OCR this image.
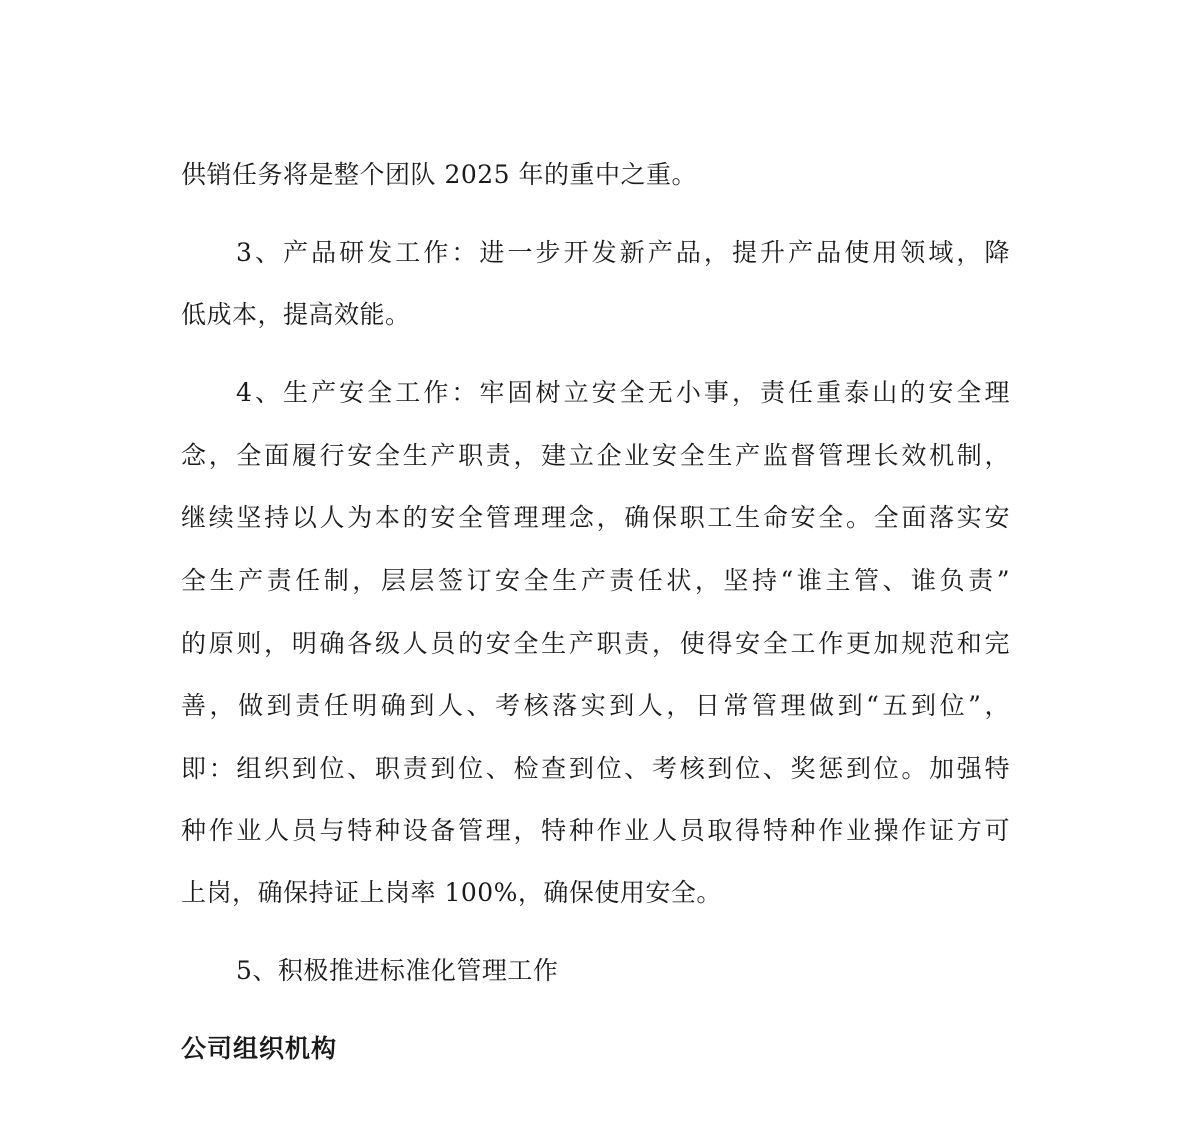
供销任务将是整个团队 2025 年的重中之重。
3、产品研发工作：进一步开发新产品，提升产品使用领域，降
低成本，提高效能。
4、生产安全工作：牢固树立安全无小事，责任重泰山的安全理
念，全面履行安全生产职责，建立企业安全生产监督管理长效机制，
继续坚持以人为本的安全管理理念，确保职工生命安全。全面落实安
全生产责任制，层层签订安全生产责任状，坚持“谁主管、谁负责”
的原则，明确各级人员的安全生产职责，使得安全工作更加规范和完
善，做到责任明确到人、考核落实到人，日常管理做到“五到位”，
即：组织到位、职责到位、检查到位、考核到位、奖惩到位。加强特
种作业人员与特种设备管理，特种作业人员取得特种作业操作证方可
上岗，确保持证上岗率 100%，确保使用安全。
5、积极推进标准化管理工作
公司组织机构
